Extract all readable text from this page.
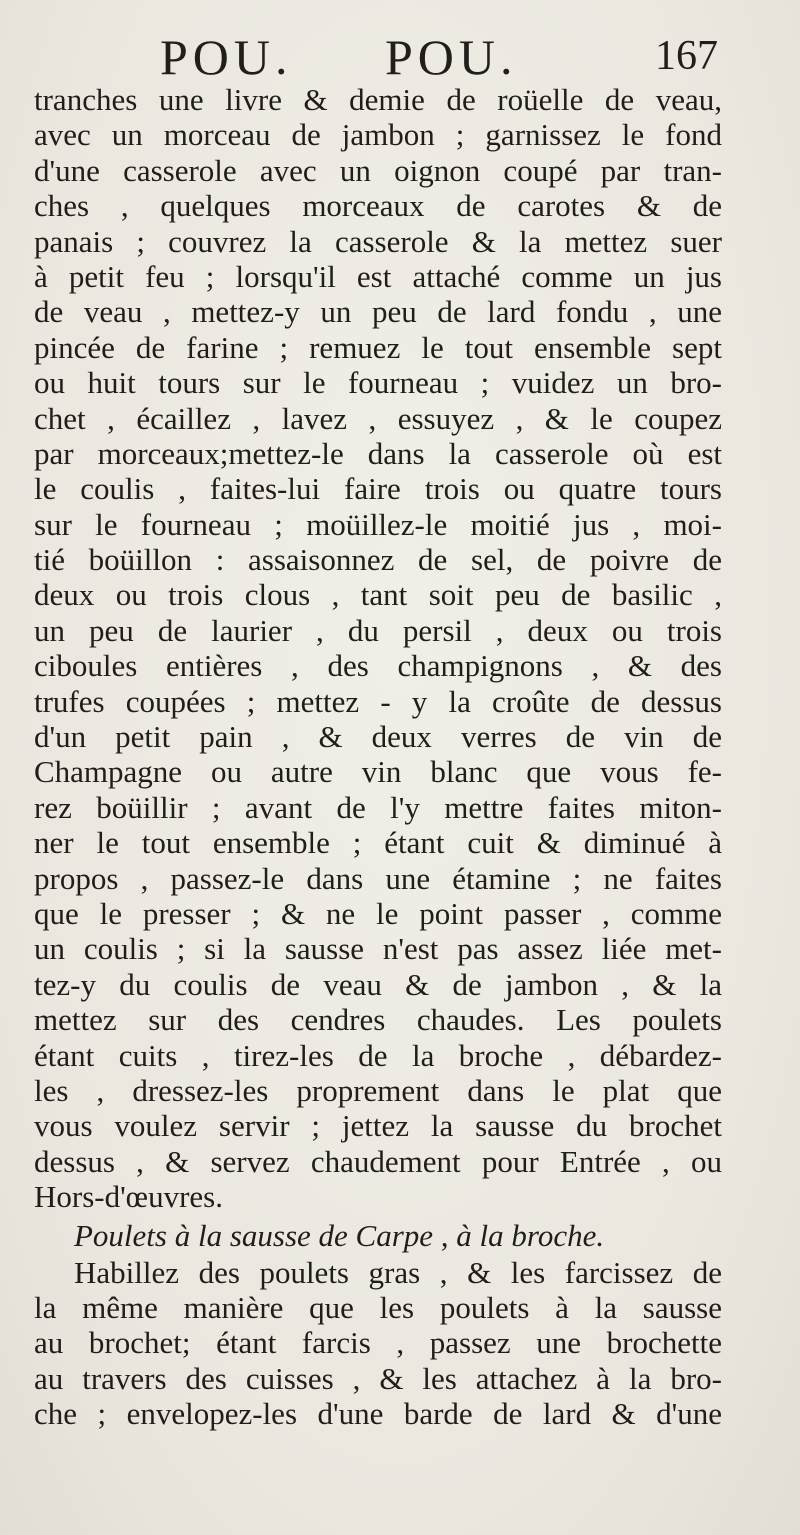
POU. POU.	167
tranches une livre & demie de roüelle de veau,
avec un morceau de jambon ; garnissez le fond
d'une casserole avec un oignon coupé par tran-
ches , quelques morceaux de carotes & de
panais ; couvrez la casserole & la mettez suer
à petit feu ; lorsqu'il est attaché comme un jus
de veau , mettez-y un peu de lard fondu , une
pincée de farine ; remuez le tout ensemble sept
ou huit tours sur le fourneau ; vuidez un bro-
chet , écaillez , lavez , essuyez , & le coupez
par morceaux;mettez-le dans la casserole où est
le coulis , faites-lui faire trois ou quatre tours
sur le fourneau ; moüillez-le moitié jus , moi-
tié boüillon : assaisonnez de sel, de poivre de
deux ou trois clous , tant soit peu de basilic ,
un peu de laurier , du persil , deux ou trois
ciboules entières , des champignons , & des
trufes coupées ; mettez - y la croûte de dessus
d'un petit pain , & deux verres de vin de
Champagne ou autre vin blanc que vous fe-
rez boüillir ; avant de l'y mettre faites miton-
ner le tout ensemble ; étant cuit & diminué à
propos , passez-le dans une étamine ; ne faites
que le presser ; & ne le point passer , comme
un coulis ; si la sausse n'est pas assez liée met-
tez-y du coulis de veau & de jambon , & la
mettez sur des cendres chaudes. Les poulets
étant cuits , tirez-les de la broche , débardez-
les , dressez-les proprement dans le plat que
vous voulez servir ; jettez la sausse du brochet
dessus , & servez chaudement pour Entrée , ou
Hors-d'œuvres.
Poulets à la sausse de Carpe , à la broche.
Habillez des poulets gras , & les farcissez de
la même manière que les poulets à la sausse
au brochet; étant farcis , passez une brochette
au travers des cuisses , & les attachez à la bro-
che ; envelopez-les d'une barde de lard & d'une
